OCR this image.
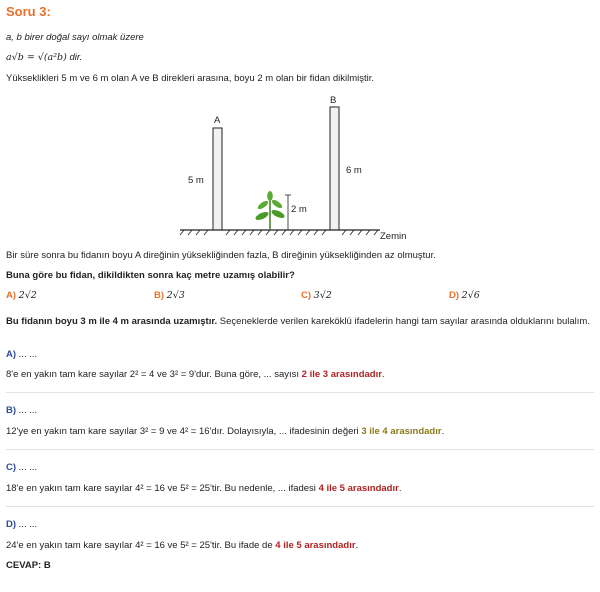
Soru 3:
a, b birer doğal sayı olmak üzere
a√b = √(a²b) dir.
Yükseklikleri 5 m ve 6 m olan A ve B direkleri arasına, boyu 2 m olan bir fidan dikilmiştir.
2 m
A
B
5 m
6 m
Zemin
Bir süre sonra bu fidanın boyu A direğinin yüksekliğinden fazla, B direğinin yüksekliğinden az olmuştur.
Buna göre bu fidan, dikildikten sonra kaç metre uzamış olabilir?
A) 2√2	B) 2√3	C) 3√2	D) 2√6
Bu fidanın boyu 3 m ile 4 m arasında uzamıştır. Seçeneklerde verilen kareköklü ifadelerin hangi tam sayılar arasında olduklarını bulalım.
A) ... ...
8'e en yakın tam kare sayılar 2² = 4 ve 3² = 9'dur. Buna göre, ... sayısı 2 ile 3 arasındadır.
B) ... ...
12'ye en yakın tam kare sayılar 3² = 9 ve 4² = 16'dır. Dolayısıyla, ... ifadesinin değeri 3 ile 4 arasındadır.
C) ... ...
18'e en yakın tam kare sayılar 4² = 16 ve 5² = 25'tir. Bu nedenle, ... ifadesi 4 ile 5 arasındadır.
D) ... ...
24'e en yakın tam kare sayılar 4² = 16 ve 5² = 25'tir. Bu ifade de 4 ile 5 arasındadır.
CEVAP: B
